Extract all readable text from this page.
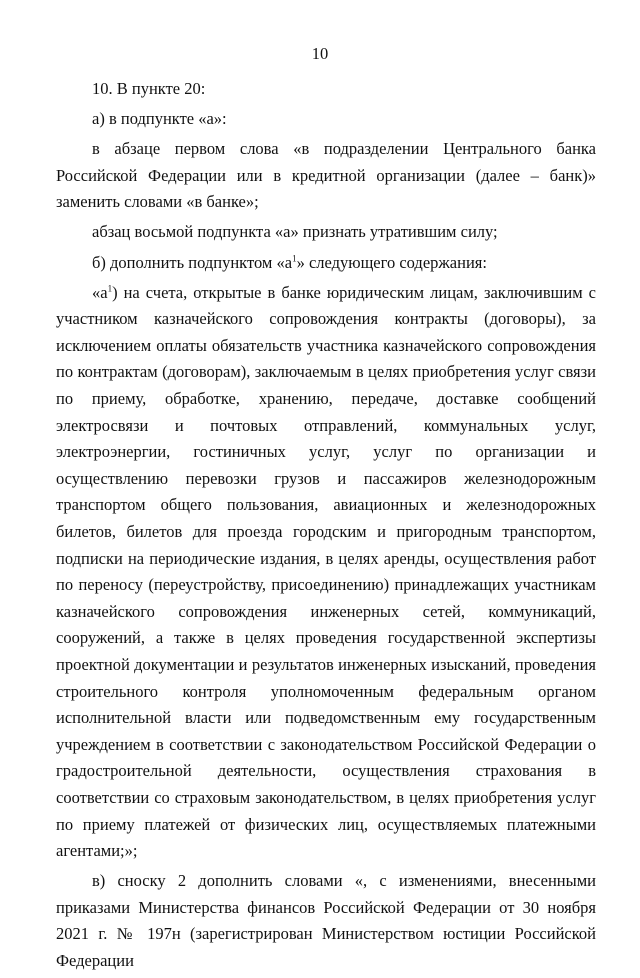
10

10. В пункте 20:

а) в подпункте «а»:

в абзаце первом слова «в подразделении Центрального банка Российской Федерации или в кредитной организации (далее – банк)» заменить словами «в банке»;

абзац восьмой подпункта «а» признать утратившим силу;

б) дополнить подпунктом «$а^1$» следующего содержания:

«$а^1$) на счета, открытые в банке юридическим лицам, заключившим с участником казначейского сопровождения контракты (договоры), за исключением оплаты обязательств участника казначейского сопровождения по контрактам (договорам), заключаемым в целях приобретения услуг связи по приему, обработке, хранению, передаче, доставке сообщений электросвязи и почтовых отправлений, коммунальных услуг, электроэнергии, гостиничных услуг, услуг по организации и осуществлению перевозки грузов и пассажиров железнодорожным транспортом общего пользования, авиационных и железнодорожных билетов, билетов для проезда городским и пригородным транспортом, подписки на периодические издания, в целях аренды, осуществления работ по переносу (переустройству, присоединению) принадлежащих участникам казначейского сопровождения инженерных сетей, коммуникаций, сооружений, а также в целях проведения государственной экспертизы проектной документации и результатов инженерных изысканий, проведения строительного контроля уполномоченным федеральным органом исполнительной власти или подведомственным ему государственным учреждением в соответствии с законодательством Российской Федерации о градостроительной деятельности, осуществления страхования в соответствии со страховым законодательством, в целях приобретения услуг по приему платежей от физических лиц, осуществляемых платежными агентами;»;

в) сноску 2 дополнить словами «, с изменениями, внесенными приказами Министерства финансов Российской Федерации от 30 ноября 2021 г. № 197н (зарегистрирован Министерством юстиции Российской Федерации
